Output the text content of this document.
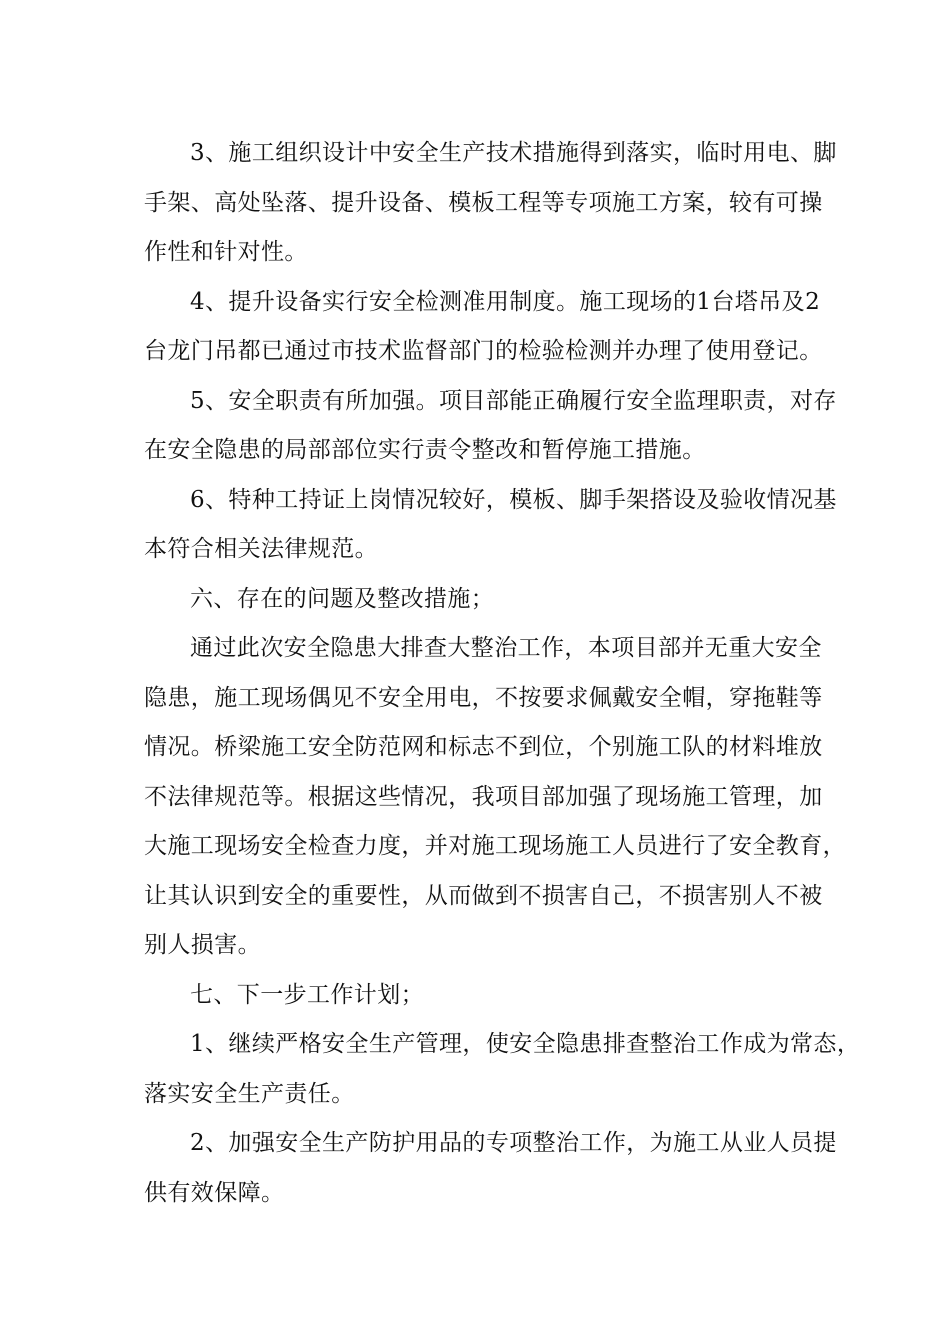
3、施工组织设计中安全生产技术措施得到落实，临时用电、脚
手架、高处坠落、提升设备、模板工程等专项施工方案，较有可操
作性和针对性。

4、提升设备实行安全检测准用制度。施工现场的1台塔吊及2
台龙门吊都已通过市技术监督部门的检验检测并办理了使用登记。

5、安全职责有所加强。项目部能正确履行安全监理职责，对存
在安全隐患的局部部位实行责令整改和暂停施工措施。

6、特种工持证上岗情况较好，模板、脚手架搭设及验收情况基
本符合相关法律规范。

六、存在的问题及整改措施；

通过此次安全隐患大排查大整治工作，本项目部并无重大安全
隐患，施工现场偶见不安全用电，不按要求佩戴安全帽，穿拖鞋等
情况。桥梁施工安全防范网和标志不到位，个别施工队的材料堆放
不法律规范等。根据这些情况，我项目部加强了现场施工管理，加
大施工现场安全检查力度，并对施工现场施工人员进行了安全教育，
让其认识到安全的重要性，从而做到不损害自己，不损害别人不被
别人损害。

七、下一步工作计划；

1、继续严格安全生产管理，使安全隐患排查整治工作成为常态，
落实安全生产责任。

2、加强安全生产防护用品的专项整治工作，为施工从业人员提
供有效保障。
